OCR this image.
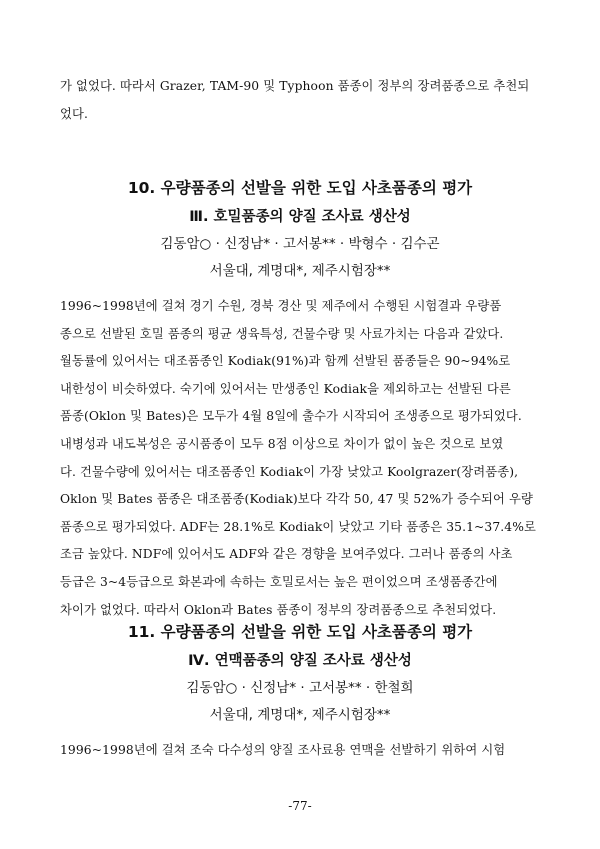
가 없었다. 따라서 Grazer, TAM-90 및 Typhoon 품종이 정부의 장려품종으로 추천되
었다.

10. 우량품종의 선발을 위한 도입 사초품종의 평가
Ⅲ. 호밀품종의 양질 조사료 생산성
김동암○ · 신정남* · 고서봉** · 박형수 · 김수곤
서울대, 계명대*, 제주시험장**

1996~1998년에 걸쳐 경기 수원, 경북 경산 및 제주에서 수행된 시험결과 우량품
종으로 선발된 호밀 품종의 평균 생육특성, 건물수량 및 사료가치는 다음과 같았다.
월동률에 있어서는 대조품종인 Kodiak(91%)과 함께 선발된 품종들은 90~94%로
내한성이 비슷하였다. 숙기에 있어서는 만생종인 Kodiak을 제외하고는 선발된 다른
품종(Oklon 및 Bates)은 모두가 4월 8일에 출수가 시작되어 조생종으로 평가되었다.
내병성과 내도복성은 공시품종이 모두 8점 이상으로 차이가 없이 높은 것으로 보였
다. 건물수량에 있어서는 대조품종인 Kodiak이 가장 낮았고 Koolgrazer(장려품종),
Oklon 및 Bates 품종은 대조품종(Kodiak)보다 각각 50, 47 및 52%가 증수되어 우량
품종으로 평가되었다. ADF는 28.1%로 Kodiak이 낮았고 기타 품종은 35.1~37.4%로
조금 높았다. NDF에 있어서도 ADF와 같은 경향을 보여주었다. 그러나 품종의 사초
등급은 3~4등급으로 화본과에 속하는 호밀로서는 높은 편이었으며 조생품종간에
차이가 없었다. 따라서 Oklon과 Bates 품종이 정부의 장려품종으로 추천되었다.

11. 우량품종의 선발을 위한 도입 사초품종의 평가
Ⅳ. 연맥품종의 양질 조사료 생산성
김동암○ · 신정남* · 고서봉** · 한철희
서울대, 계명대*, 제주시험장**

1996~1998년에 걸쳐 조숙 다수성의 양질 조사료용 연맥을 선발하기 위하여 시험

-77-
